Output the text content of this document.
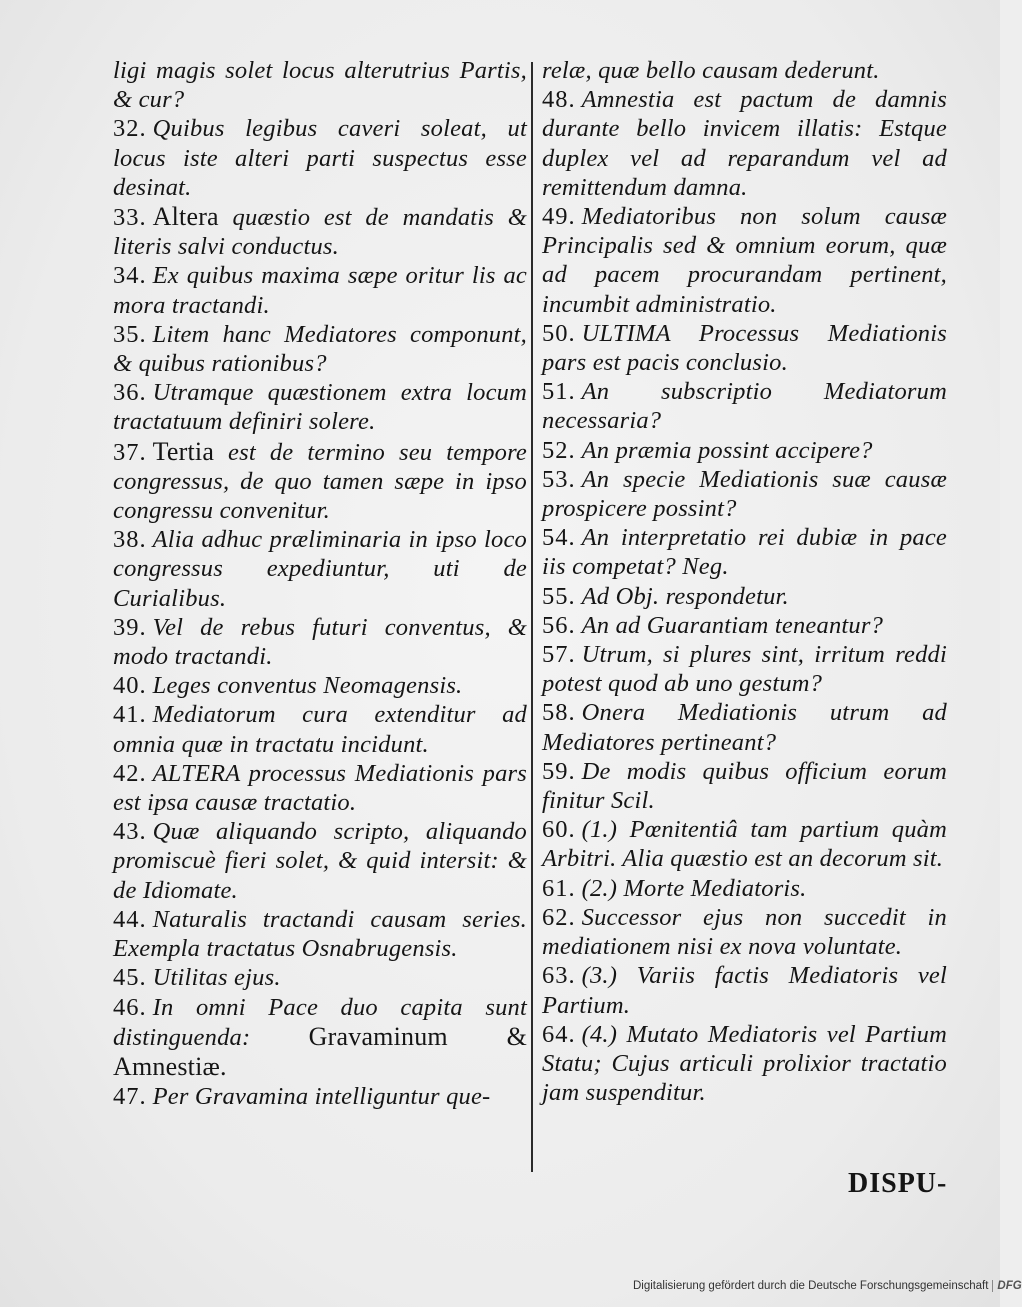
ligi magis solet locus alterutrius Partis, & cur?

32. Quibus legibus caveri soleat, ut locus iste alteri parti suspectus esse desinat.

33. Altera quæstio est de mandatis & literis salvi conductus.

34. Ex quibus maxima sæpe oritur lis ac mora tractandi.

35. Litem hanc Mediatores componunt, & quibus rationibus?

36. Utramque quæstionem extra locum tractatuum definiri solere.

37. Tertia est de termino seu tempore congressus, de quo tamen sæpe in ipso congressu convenitur.

38. Alia adhuc præliminaria in ipso loco congressus expediuntur, uti de Curialibus.

39. Vel de rebus futuri conventus, & modo tractandi.

40. Leges conventus Neomagensis.

41. Mediatorum cura extenditur ad omnia quæ in tractatu incidunt.

42. ALTERA processus Mediationis pars est ipsa causæ tractatio.

43. Quæ aliquando scripto, aliquando promiscuè fieri solet, & quid intersit: & de Idiomate.

44. Naturalis tractandi causam series. Exempla tractatus Osnabrugensis.

45. Utilitas ejus.

46. In omni Pace duo capita sunt distinguenda: Gravaminum & Amnestiæ.

47. Per Gravamina intelliguntur que-

relæ, quæ bello causam dederunt.

48. Amnestia est pactum de damnis durante bello invicem illatis: Estque duplex vel ad reparandum vel ad remittendum damna.

49. Mediatoribus non solum causæ Principalis sed & omnium eorum, quæ ad pacem procurandam pertinent, incumbit administratio.

50. ULTIMA Processus Mediationis pars est pacis conclusio.

51. An subscriptio Mediatorum necessaria?

52. An præmia possint accipere?

53. An specie Mediationis suæ causæ prospicere possint?

54. An interpretatio rei dubiæ in pace iis competat? Neg.

55. Ad Obj. respondetur.

56. An ad Guarantiam teneantur?

57. Utrum, si plures sint, irritum reddi potest quod ab uno gestum?

58. Onera Mediationis utrum ad Mediatores pertineant?

59. De modis quibus officium eorum finitur Scil.

60. (1.) Pœnitentiâ tam partium quàm Arbitri. Alia quæstio est an decorum sit.

61. (2.) Morte Mediatoris.

62. Successor ejus non succedit in mediationem nisi ex nova voluntate.

63. (3.) Variis factis Mediatoris vel Partium.

64. (4.) Mutato Mediatoris vel Partium Statu; Cujus articuli prolixior tractatio jam suspenditur.

DISPU-
Digitalisierung gefördert durch die Deutsche Forschungsgemeinschaft DFG
